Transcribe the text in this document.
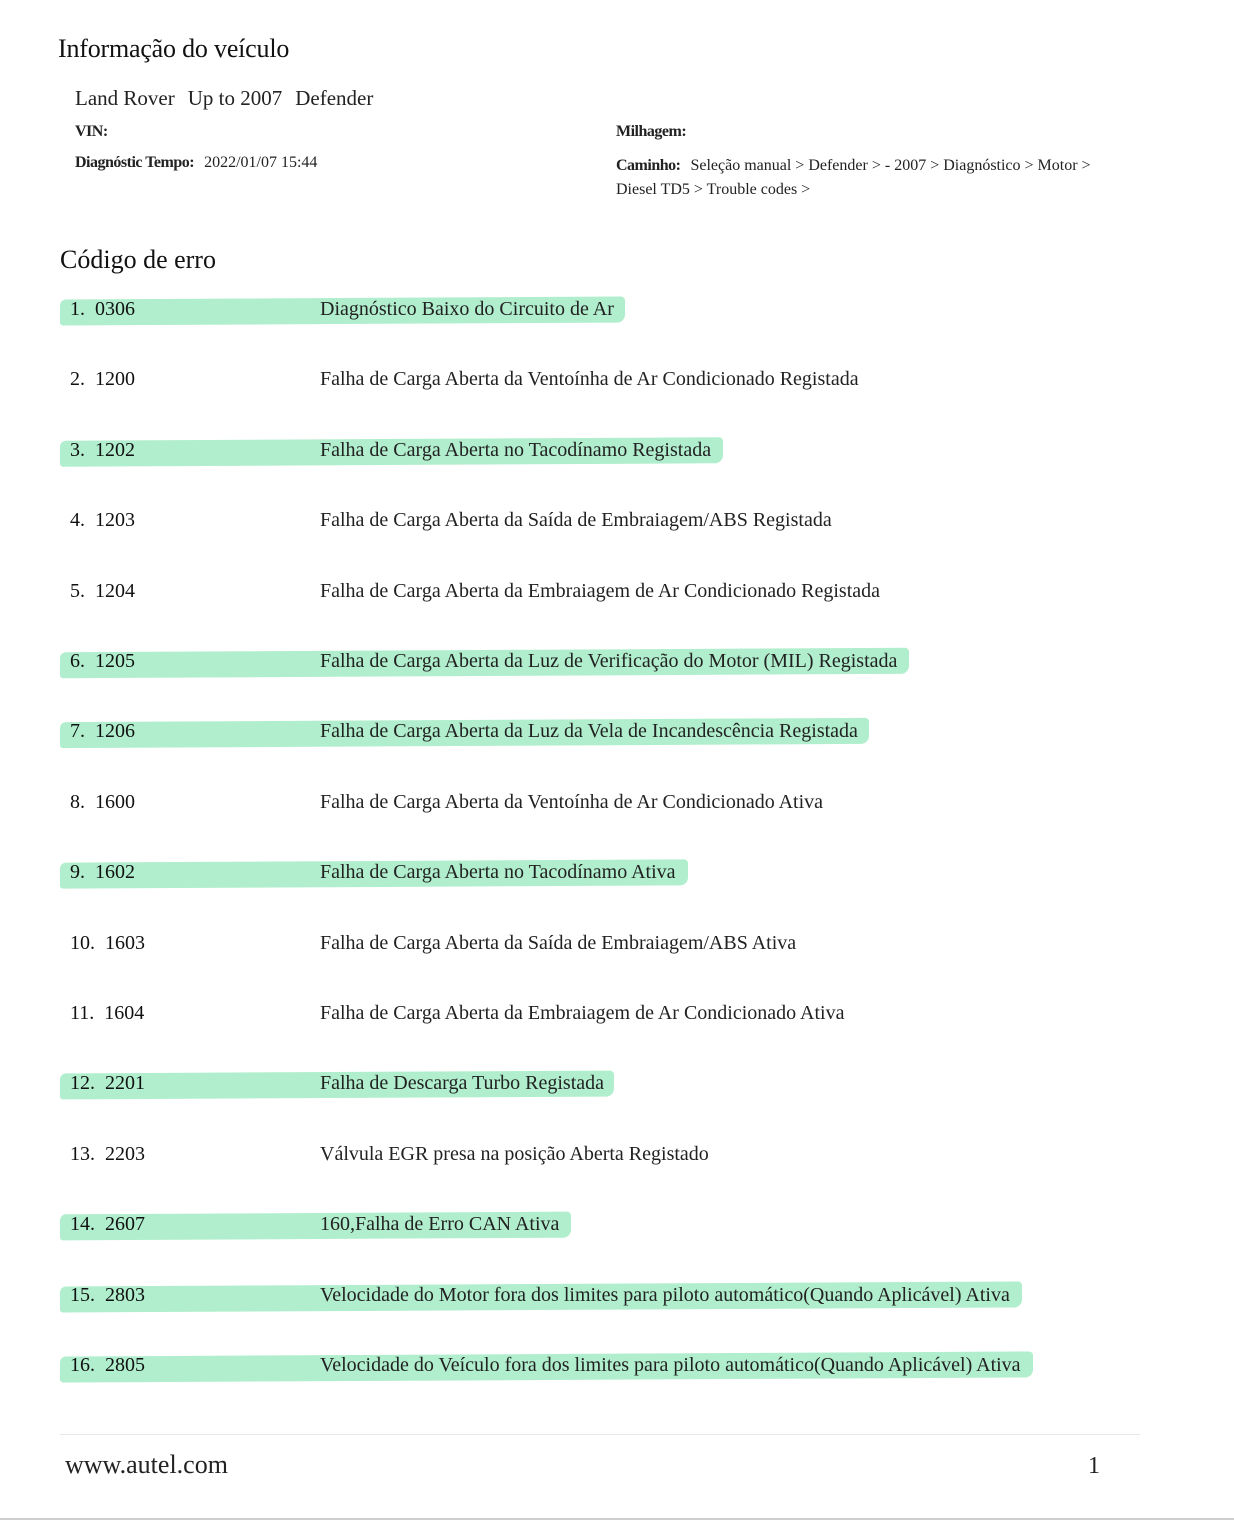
Informação do veículo
Land Rover Up to 2007 Defender
VIN:
Diagnóstic Tempo: 2022/01/07 15:44
Milhagem:
Caminho: Seleção manual > Defender > - 2007 > Diagnóstico > Motor > Diesel TD5 > Trouble codes >
Código de erro
1. 0306	Diagnóstico Baixo do Circuito de Ar
2. 1200	Falha de Carga Aberta da Ventoínha de Ar Condicionado Registada
3. 1202	Falha de Carga Aberta no Tacodínamo Registada
4. 1203	Falha de Carga Aberta da Saída de Embraiagem/ABS Registada
5. 1204	Falha de Carga Aberta da Embraiagem de Ar Condicionado Registada
6. 1205	Falha de Carga Aberta da Luz de Verificação do Motor (MIL) Registada
7. 1206	Falha de Carga Aberta da Luz da Vela de Incandescência Registada
8. 1600	Falha de Carga Aberta da Ventoínha de Ar Condicionado Ativa
9. 1602	Falha de Carga Aberta no Tacodínamo Ativa
10. 1603	Falha de Carga Aberta da Saída de Embraiagem/ABS Ativa
11. 1604	Falha de Carga Aberta da Embraiagem de Ar Condicionado Ativa
12. 2201	Falha de Descarga Turbo Registada
13. 2203	Válvula EGR presa na posição Aberta Registado
14. 2607	160,Falha de Erro CAN Ativa
15. 2803	Velocidade do Motor fora dos limites para piloto automático(Quando Aplicável) Ativa
16. 2805	Velocidade do Veículo fora dos limites para piloto automático(Quando Aplicável) Ativa
www.autel.com	1
